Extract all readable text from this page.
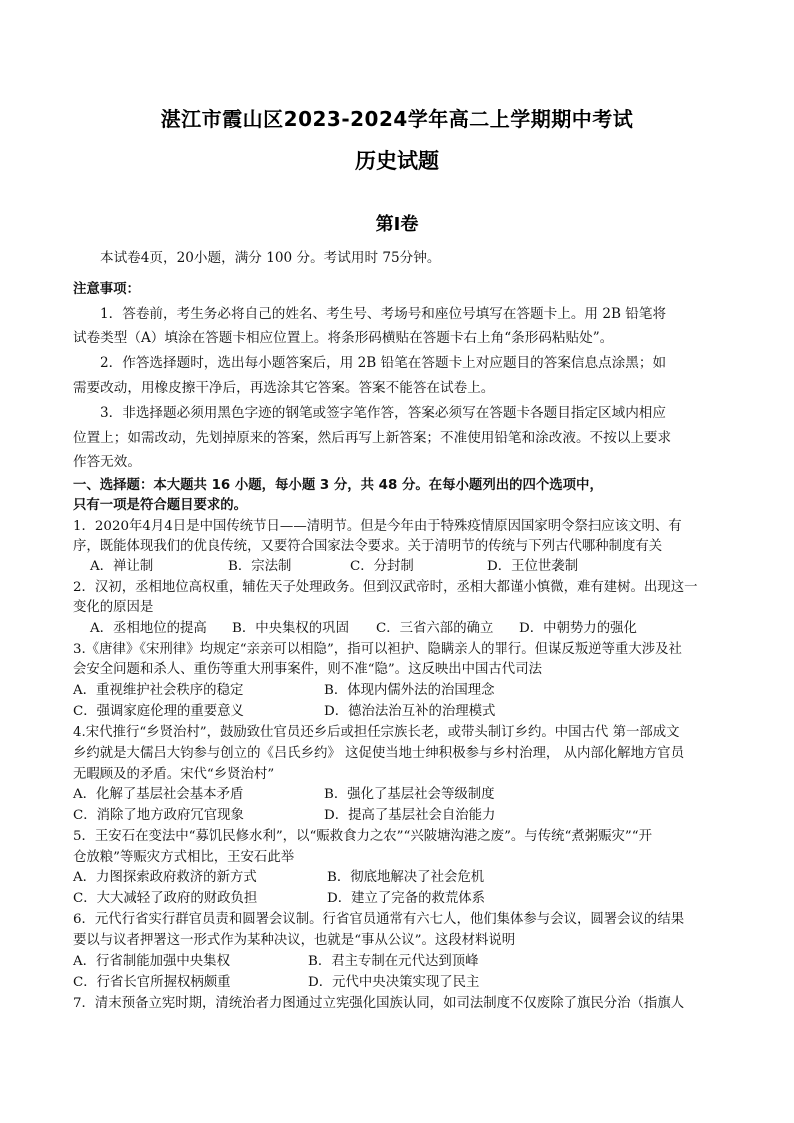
湛江市霞山区2023-2024学年高二上学期期中考试
历史试题
第Ⅰ卷
本试卷4页，20小题，满分 100 分。考试用时 75分钟。
注意事项：
1．答卷前，考生务必将自己的姓名、考生号、考场号和座位号填写在答题卡上。用 2B 铅笔将
试卷类型（A）填涂在答题卡相应位置上。将条形码横贴在答题卡右上角“条形码粘贴处”。
2．作答选择题时，选出每小题答案后，用 2B 铅笔在答题卡上对应题目的答案信息点涂黑；如
需要改动，用橡皮擦干净后，再选涂其它答案。答案不能答在试卷上。
3．非选择题必须用黑色字迹的钢笔或签字笔作答，答案必须写在答题卡各题目指定区域内相应
位置上；如需改动，先划掉原来的答案，然后再写上新答案；不准使用铅笔和涂改液。不按以上要求
作答无效。
一、选择题：本大题共 16 小题，每小题 3 分，共 48 分。在每小题列出的四个选项中，
只有一项是符合题目要求的。
1．2020年4月4日是中国传统节日——清明节。但是今年由于特殊疫情原因国家明令祭扫应该文明、有
序，既能体现我们的优良传统，又要符合国家法令要求。关于清明节的传统与下列古代哪种制度有关
A．禅让制	B．宗法制	C．分封制	D．王位世袭制
2．汉初，丞相地位高权重，辅佐天子处理政务。但到汉武帝时，丞相大都谨小慎微，难有建树。出现这一
变化的原因是
A．丞相地位的提高 B．中央集权的巩固 C．三省六部的确立 D．中朝势力的强化
3.《唐律》《宋刑律》均规定“亲亲可以相隐”，指可以袒护、隐瞒亲人的罪行。但谋反叛逆等重大涉及社
会安全问题和杀人、重伤等重大刑事案件，则不准“隐”。这反映出中国古代司法
A．重视维护社会秩序的稳定	B．体现内儒外法的治国理念
C．强调家庭伦理的重要意义	D．德治法治互补的治理模式
4.宋代推行“乡贤治村”，鼓励致仕官员还乡后或担任宗族长老，或带头制订乡约。中国古代 第一部成文
乡约就是大儒吕大钧参与创立的《吕氏乡约》 这促使当地士绅积极参与乡村治理， 从内部化解地方官员
无暇顾及的矛盾。宋代“乡贤治村”
A．化解了基层社会基本矛盾	B．强化了基层社会等级制度
C．消除了地方政府冗官现象	D．提高了基层社会自治能力
5．王安石在变法中“募饥民修水利”，以“赈救食力之农”“兴陂塘沟港之废”。与传统“煮粥赈灾”“开
仓放粮”等赈灾方式相比，王安石此举
A．力图探索政府救济的新方式	B．彻底地解决了社会危机
C．大大减轻了政府的财政负担	D．建立了完备的救荒体系
6．元代行省实行群官员责和圆署会议制。行省官员通常有六七人，他们集体参与会议，圆署会议的结果
要以与议者押署这一形式作为某种决议，也就是“事从公议”。这段材料说明
A．行省制能加强中央集权	B．君主专制在元代达到顶峰
C．行省长官所握权柄颇重	D．元代中央决策实现了民主
7．清末预备立宪时期，清统治者力图通过立宪强化国族认同，如司法制度不仅废除了旗民分治（指旗人
